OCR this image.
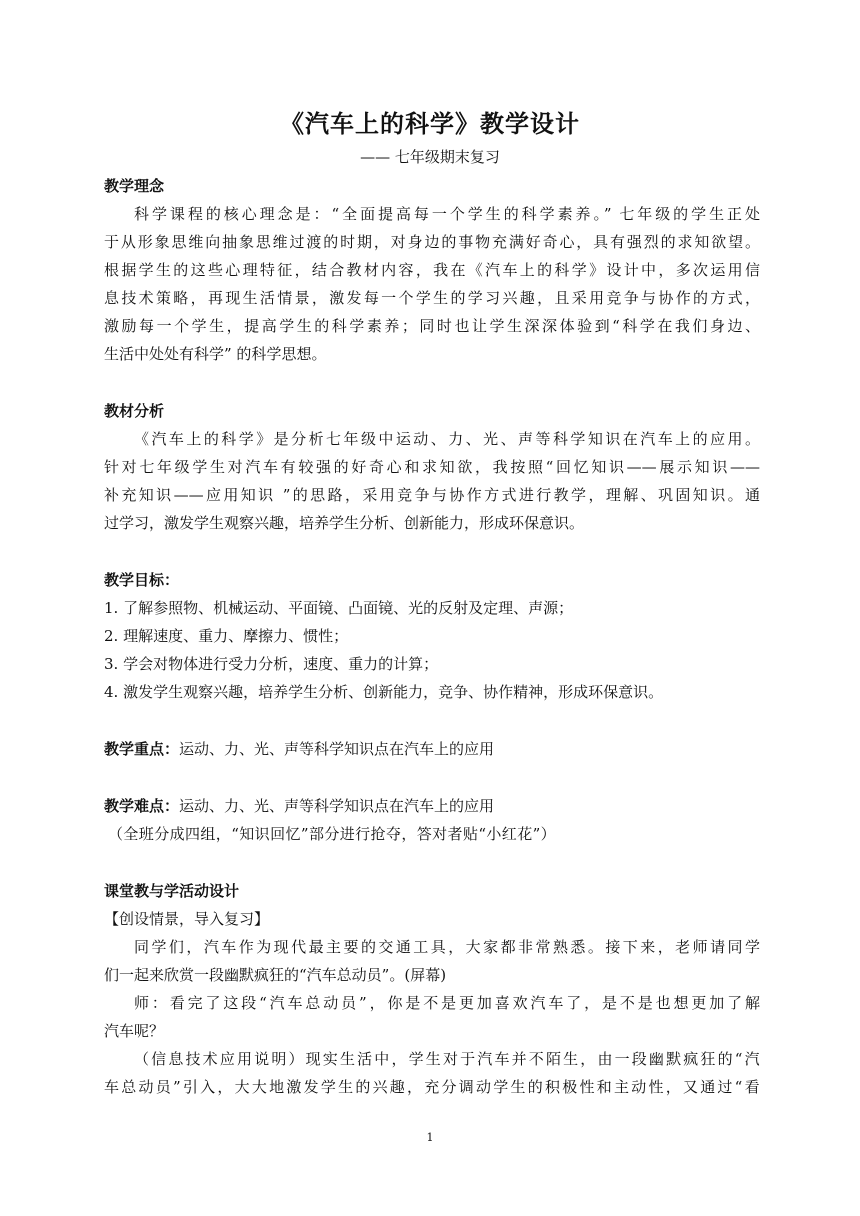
《汽车上的科学》教学设计
—— 七年级期末复习
教学理念
科学课程的核心理念是：“全面提高每一个学生的科学素养。” 七年级的学生正处
于从形象思维向抽象思维过渡的时期，对身边的事物充满好奇心，具有强烈的求知欲望。
根据学生的这些心理特征，结合教材内容，我在《汽车上的科学》设计中，多次运用信
息技术策略，再现生活情景，激发每一个学生的学习兴趣，且采用竞争与协作的方式，
激励每一个学生，提高学生的科学素养；同时也让学生深深体验到“科学在我们身边、
生活中处处有科学” 的科学思想。
教材分析
《汽车上的科学》是分析七年级中运动、力、光、声等科学知识在汽车上的应用。
针对七年级学生对汽车有较强的好奇心和求知欲，我按照“回忆知识——展示知识——
补充知识——应用知识 ”的思路，采用竞争与协作方式进行教学，理解、巩固知识。通
过学习，激发学生观察兴趣，培养学生分析、创新能力，形成环保意识。
教学目标：
1. 了解参照物、机械运动、平面镜、凸面镜、光的反射及定理、声源；
2. 理解速度、重力、摩擦力、惯性；
3. 学会对物体进行受力分析，速度、重力的计算；
4. 激发学生观察兴趣，培养学生分析、创新能力，竞争、协作精神，形成环保意识。
教学重点：运动、力、光、声等科学知识点在汽车上的应用
教学难点：运动、力、光、声等科学知识点在汽车上的应用
（全班分成四组，“知识回忆”部分进行抢夺，答对者贴“小红花”）
课堂教与学活动设计
【创设情景，导入复习】
同学们，汽车作为现代最主要的交通工具，大家都非常熟悉。接下来，老师请同学
们一起来欣赏一段幽默疯狂的“汽车总动员”。(屏幕)
师：看完了这段“汽车总动员”，你是不是更加喜欢汽车了，是不是也想更加了解
汽车呢？
（信息技术应用说明）现实生活中，学生对于汽车并不陌生，由一段幽默疯狂的“汽
车总动员”引入，大大地激发学生的兴趣，充分调动学生的积极性和主动性，又通过“看
1
